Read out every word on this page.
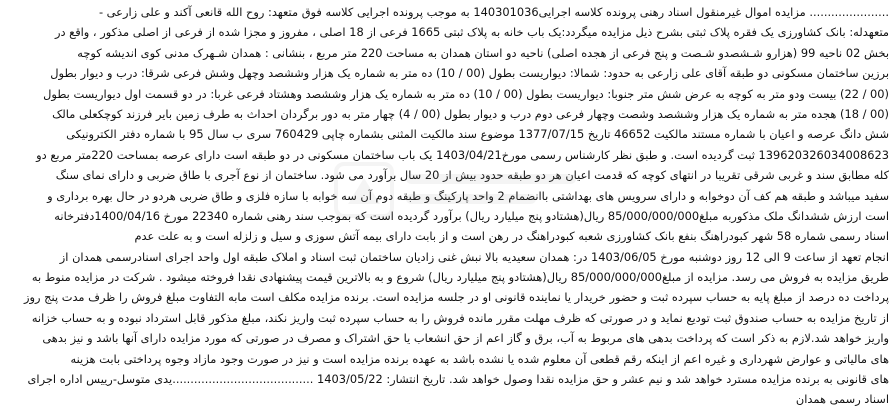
...................... مزایده اموال غیرمنقول اسناد رهنی پرونده کلاسه اجرایی140301036 به موجب پرونده اجرایی کلاسه فوق متعهد: روح الله قانعی آکند و علی زارعی -
متعهدله: بانک کشاورزی یک فقره پلاک ثبتی بشرح ذیل مزایده میگردد:یک باب خانه به پلاک ثبتی 1665 فرعی از 18 اصلی ، مفروز و مجزا شده از فرعی از اصلی مذکور ، واقع در
بخش 02 ناحیه 99 (هزارو شـشصدو شـصت و پنج فرعی از هجده اصلی) ناحیه دو استان همدان به مساحت 220 متر مربع ، بنشانی : همدان شـهرک مدنی کوی اندیشه کوچه
برزین ساختمان مسکونی دو طبقه آقای علی زارعی به حدود: شمالا: دیواریست بطول (00 / 10) ده متر به شماره یک هزار وششصد وچهل وشش فرعی شرقا: درب و دیوار بطول
(00 / 22) بیست ودو متر به کوچه به عرض شش متر جنوبا: دیواریست بطول (00 / 10) ده متر به شماره یک هزار وششصد وهشتاد فرعی غربا: در دو قسمت اول دیواریست بطول
(00 / 18) هجده متر به شماره یک هزار وششصد وشصت وچهار فرعی دوم درب و دیوار بطول (00 / 4) چهار متر به دور برگردان احداث به طرف زمین بایر فرزند کوچکعلی مالک
شش دانگ عرصه و اعیان با شماره مستند مالکیت 46652 تاریخ 1377/07/15 موضوع سند مالکیت المثنی بشماره چاپی 760429 سری ب سال 95 با شماره دفتر الکترونیکی
139620326034008623 ثبت گردیده است. و طبق نظر کارشناس رسمی مورخ1403/04/21 یک باب ساختمان مسکونی در دو طبقه است دارای عرصه بمساحت 220متر مربع دو
کله مطابق سند و غربی شرقی تقریبا در انتهای کوچه که قدمت اعیان هر دو طبقه حدود بیش از 20 سال برآورد می شود. ساختمان از نوع آجری با طاق ضربی و دارای نمای سنگ
سفید میباشد و طبقه هم کف آن دوخوابه و دارای سرویس های بهداشتی باانضمام 2 واحد پارکینگ و طبقه دوم آن سه خوابه با سازه فلزی و طاق ضربی هردو در حال بهره برداری و
است ارزش ششدانگ ملک مذکوربه مبلغ85/000/000/000 ریال(هشتادو پنج میلیارد ریال) برآورد گردیده است که بموجب سند رهنی شماره 22340 مورخ 1400/04/16دفترخانه
اسناد رسمی شماره 58 شهر کبودراهنگ بنفع بانک کشاورزی شعبه کبودراهنگ در رهن است و از بابت دارای بیمه آتش سوزی و سیل و زلزله است و به علت عدم
انجام تعهد از ساعت 9 الی 12 روز دوشنبه مورخ 1403/06/05 در: همدان سعیدیه بالا نبش غنی زادیان ساختمان ثبت اسناد و املاک طبقه اول واحد اجرای اسنادرسمی همدان از
طریق مزایده به فروش می رسد. مزایده از مبلغ85/000/000/000 ریال(هشتادو پنج میلیارد ریال) شروع و به بالاترین قیمت پیشنهادی نقدا فروخته میشود . شرکت در مزایده منوط به
پرداخت ده درصد از مبلغ پایه به حساب سپرده ثبت و حضور خریدار یا نماینده قانونی او در جلسه مزایده است. برنده مزایده مکلف است مابه التفاوت مبلغ فروش را ظرف مدت پنج روز
از تاریخ مزایده به حساب صندوق ثبت تودیع نماید و در صورتی که ظرف مهلت مقرر مانده فروش را به حساب سپرده ثبت واریز نکند، مبلغ مذکور قابل استرداد نبوده و به حساب خزانه
واریز خواهد شد.لازم به ذکر است که پرداخت بدهی های مربوط به آب، برق و گاز اعم از حق انشعاب یا حق اشتراک و مصرف در صورتی که مورد مزایده دارای آنها باشد و نیز بدهی
های مالیاتی و عوارض شهرداری و غیره اعم از اینکه رقم قطعی آن معلوم شده یا نشده باشد به عهده برنده مزایده است و نیز در صورت وجود مازاد وجوه پرداختی بابت هزینه
های قانونی به برنده مزایده مسترد خواهد شد و نیم عشر و حق مزایده نقدا وصول خواهد شد. تاریخ انتشار: 1403/05/22 .......................................یدی متوسل-رییس اداره اجرای
اسناد رسمی همدان
